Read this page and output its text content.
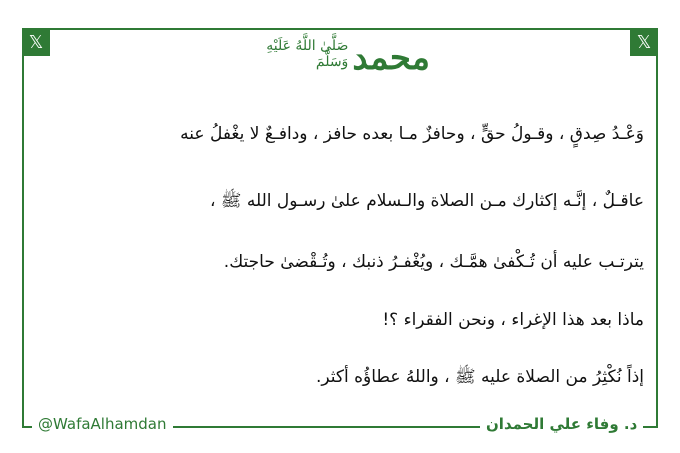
𝕏	𝕏
محمد
صَلَّىٰ اللَّهُ عَلَيْهِ وَسَلَّمَ
وَعْـدُ صِدقٍ ، وقـولُ حقٍّ ، وحافزٌ مـا بعده حافز ، ودافـعٌ لا يغْفلُ عنه
عاقـلٌ ، إنَّـه إكثارك مـن الصلاة والـسلام علىٰ رسـول الله ﷺ ،
يترتـب عليه أن تُـكْفىٰ همَّـك ، ويُغْفـرُ ذنبك ، وتُـقْضىٰ حاجتك.
ماذا بعد هذا الإغراء ، ونحن الفقراء ؟!
إذاً نُكْثِرُ من الصلاة عليه ﷺ ، واللهُ عطاؤُه أكثر.
@WafaAlhamdan	د. وفاء علي الحمدان
